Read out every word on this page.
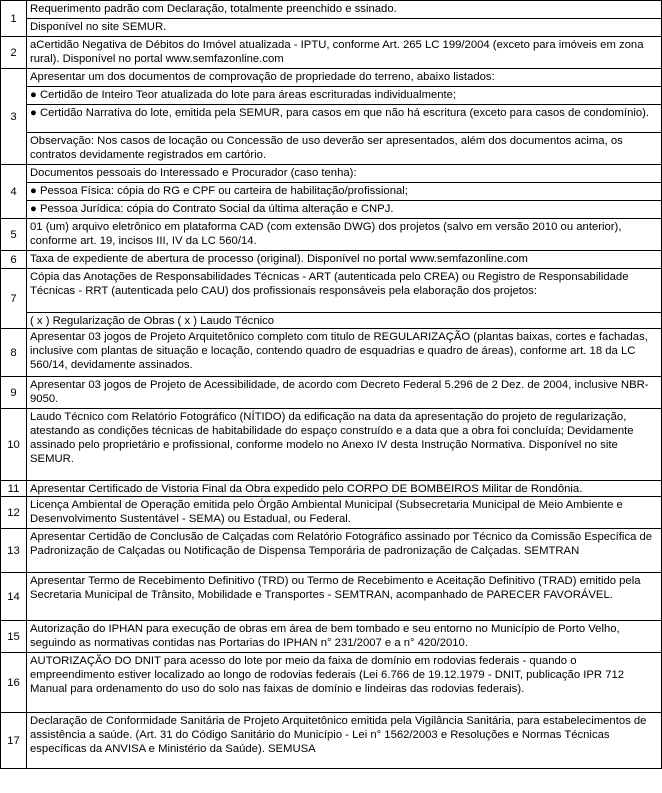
1	Requerimento padrão com Declaração, totalmente preenchido e ssinado.
	Disponível no site SEMUR.
2	aCertidão Negativa de Débitos do Imóvel atualizada - IPTU, conforme Art. 265 LC 199/2004 (exceto para imóveis em zona rural). Disponível no portal www.semfazonline.com
3	Apresentar um dos documentos de comprovação de propriedade do terreno, abaixo listados:
	● Certidão de Inteiro Teor atualizada do lote para áreas escrituradas individualmente;
	● Certidão Narrativa do lote, emitida pela SEMUR, para casos em que não há escritura (exceto para casos de condomínio).
	Observação: Nos casos de locação ou Concessão de uso deverão ser apresentados, além dos documentos acima, os contratos devidamente registrados em cartório.
4	Documentos pessoais do Interessado e Procurador (caso tenha):
	● Pessoa Física: cópia do RG e CPF ou carteira de habilitação/profissional;
	● Pessoa Jurídica: cópia do Contrato Social da última alteração e CNPJ.
5	01 (um) arquivo eletrônico em plataforma CAD (com extensão DWG) dos projetos (salvo em versão 2010 ou anterior), conforme art. 19, incisos III, IV da LC 560/14.
6	Taxa de expediente de abertura de processo (original). Disponível no portal www.semfazonline.com
7	Cópia das Anotações de Responsabilidades Técnicas - ART (autenticada pelo CREA) ou Registro de Responsabilidade Técnicas - RRT (autenticada pelo CAU) dos profissionais responsáveis pela elaboração dos projetos:
	( x ) Regularização de Obras ( x ) Laudo Técnico
8	Apresentar 03 jogos de Projeto Arquitetônico completo com titulo de REGULARIZAÇÃO (plantas baixas, cortes e fachadas, inclusive com plantas de situação e locação, contendo quadro de esquadrias e quadro de áreas), conforme art. 18 da LC 560/14, devidamente assinados.
9	Apresentar 03 jogos de Projeto de Acessibilidade, de acordo com Decreto Federal 5.296 de 2 Dez. de 2004, inclusive NBR-9050.
10	Laudo Técnico com Relatório Fotográfico (NÍTIDO) da edificação na data da apresentação do projeto de regularização, atestando as condições técnicas de habitabilidade do espaço construído e a data que a obra foi concluída; Devidamente assinado pelo proprietário e profissional, conforme modelo no Anexo IV desta Instrução Normativa. Disponível no site SEMUR.
11	Apresentar Certificado de Vistoria Final da Obra expedido pelo CORPO DE BOMBEIROS Militar de Rondônia.
12	Licença Ambiental de Operação emitida pelo Órgão Ambiental Municipal (Subsecretaria Municipal de Meio Ambiente e Desenvolvimento Sustentável - SEMA) ou Estadual, ou Federal.
13	Apresentar Certidão de Conclusão de Calçadas com Relatório Fotográfico assinado por Técnico da Comissão Específica de Padronização de Calçadas ou Notificação de Dispensa Temporária de padronização de Calçadas. SEMTRAN
14	Apresentar Termo de Recebimento Definitivo (TRD) ou Termo de Recebimento e Aceitação Definitivo (TRAD) emitido pela Secretaria Municipal de Trânsito, Mobilidade e Transportes - SEMTRAN, acompanhado de PARECER FAVORÁVEL.
15	Autorização do IPHAN para execução de obras em área de bem tombado e seu entorno no Município de Porto Velho, seguindo as normativas contidas nas Portarias do IPHAN n° 231/2007 e a n° 420/2010.
16	AUTORIZAÇÃO DO DNIT para acesso do lote por meio da faixa de domínio em rodovias federais - quando o empreendimento estiver localizado ao longo de rodovias federais (Lei 6.766 de 19.12.1979 - DNIT, publicação IPR 712 Manual para ordenamento do uso do solo nas faixas de domínio e lindeiras das rodovias federais).
17	Declaração de Conformidade Sanitária de Projeto Arquitetônico emitida pela Vigilância Sanitária, para estabelecimentos de assistência a saúde. (Art. 31 do Código Sanitário do Município - Lei n° 1562/2003 e Resoluções e Normas Técnicas específicas da ANVISA e Ministério da Saúde). SEMUSA
